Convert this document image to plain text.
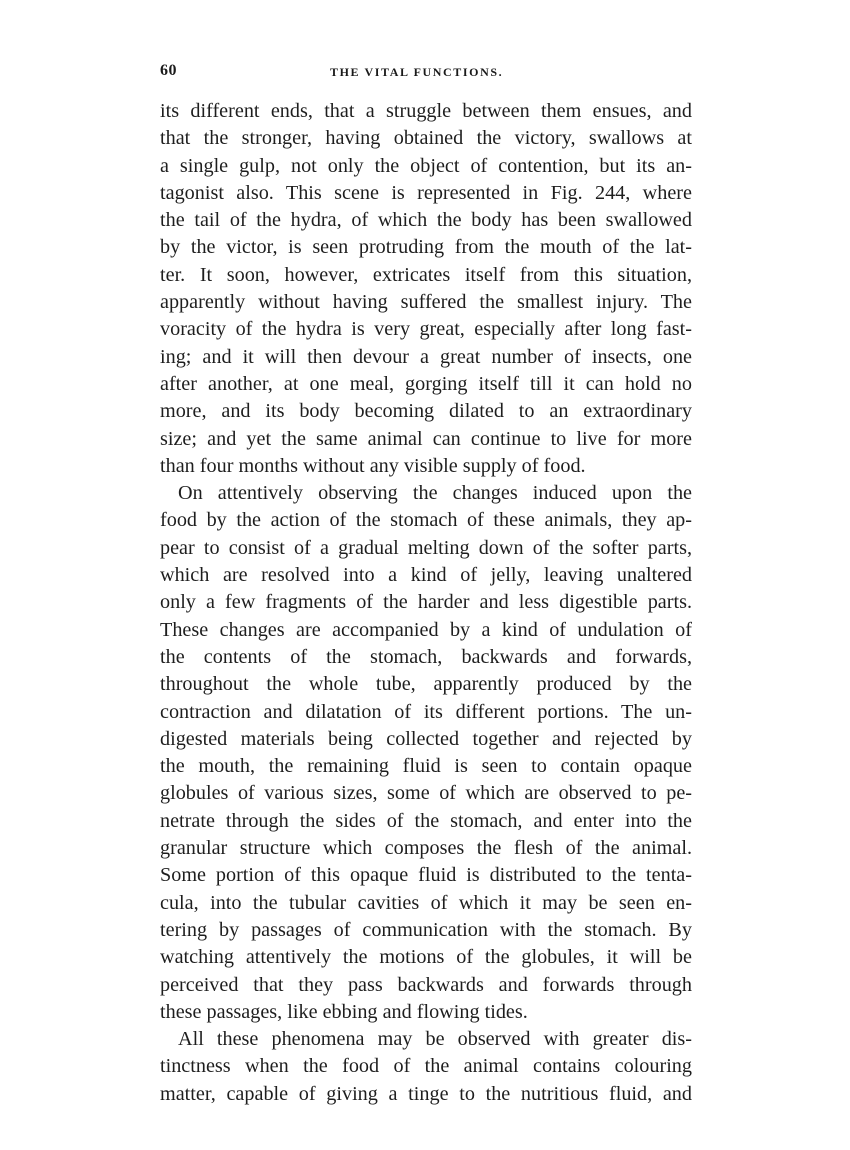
60	THE VITAL FUNCTIONS.
its different ends, that a struggle between them ensues, and
that the stronger, having obtained the victory, swallows at
a single gulp, not only the object of contention, but its an-
tagonist also. This scene is represented in Fig. 244, where
the tail of the hydra, of which the body has been swallowed
by the victor, is seen protruding from the mouth of the lat-
ter. It soon, however, extricates itself from this situation,
apparently without having suffered the smallest injury. The
voracity of the hydra is very great, especially after long fast-
ing; and it will then devour a great number of insects, one
after another, at one meal, gorging itself till it can hold no
more, and its body becoming dilated to an extraordinary
size; and yet the same animal can continue to live for more
than four months without any visible supply of food.
On attentively observing the changes induced upon the
food by the action of the stomach of these animals, they ap-
pear to consist of a gradual melting down of the softer parts,
which are resolved into a kind of jelly, leaving unaltered
only a few fragments of the harder and less digestible parts.
These changes are accompanied by a kind of undulation of
the contents of the stomach, backwards and forwards,
throughout the whole tube, apparently produced by the
contraction and dilatation of its different portions. The un-
digested materials being collected together and rejected by
the mouth, the remaining fluid is seen to contain opaque
globules of various sizes, some of which are observed to pe-
netrate through the sides of the stomach, and enter into the
granular structure which composes the flesh of the animal.
Some portion of this opaque fluid is distributed to the tenta-
cula, into the tubular cavities of which it may be seen en-
tering by passages of communication with the stomach. By
watching attentively the motions of the globules, it will be
perceived that they pass backwards and forwards through
these passages, like ebbing and flowing tides.
All these phenomena may be observed with greater dis-
tinctness when the food of the animal contains colouring
matter, capable of giving a tinge to the nutritious fluid, and
